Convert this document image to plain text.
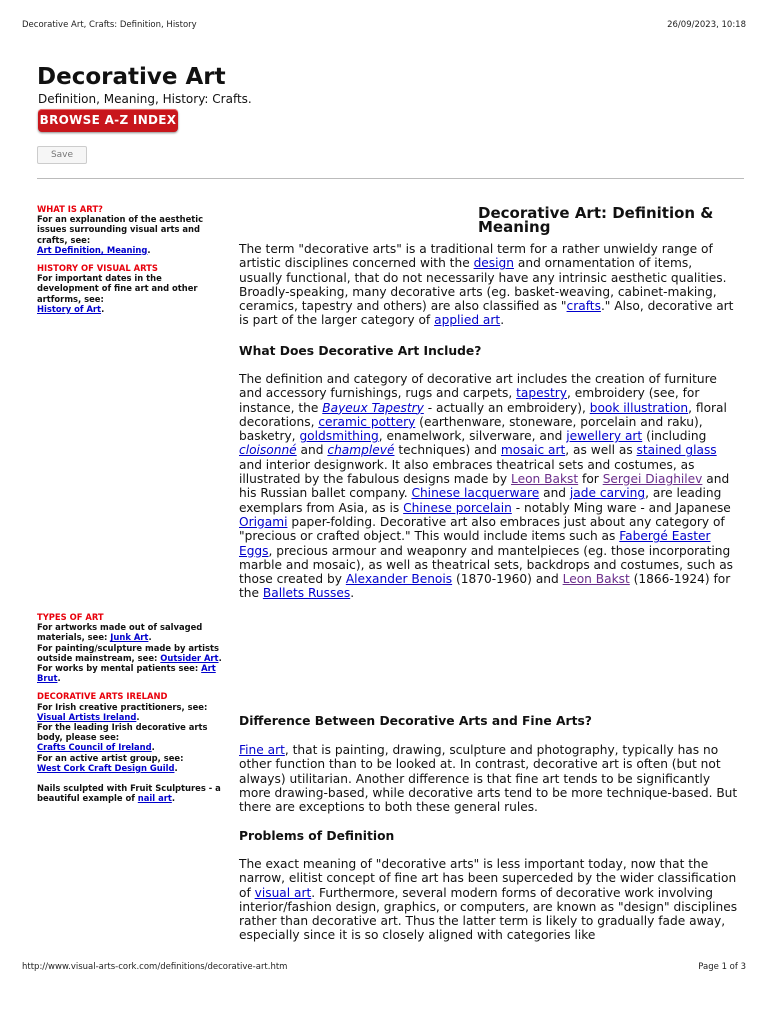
Decorative Art, Crafts: Definition, History	26/09/2023, 10:18
Decorative Art

Definition, Meaning, History: Crafts.

BROWSE A-Z INDEX
Save

WHAT IS ART?
For an explanation of the aesthetic issues surrounding visual arts and crafts, see:
Art Definition, Meaning.

HISTORY OF VISUAL ARTS
For important dates in the development of fine art and other artforms, see:
History of Art.

TYPES OF ART
For artworks made out of salvaged materials, see: Junk Art.
For painting/sculpture made by artists outside mainstream, see: Outsider Art.
For works by mental patients see: Art Brut.

DECORATIVE ARTS IRELAND
For Irish creative practitioners, see: Visual Artists Ireland.
For the leading Irish decorative arts body, please see:
Crafts Council of Ireland.
For an active artist group, see:
West Cork Craft Design Guild.

Nails sculpted with Fruit Sculptures - a beautiful example of nail art.

Decorative Art: Definition & Meaning

The term "decorative arts" is a traditional term for a rather unwieldy range of artistic disciplines concerned with the design and ornamentation of items, usually functional, that do not necessarily have any intrinsic aesthetic qualities. Broadly-speaking, many decorative arts (eg. basket-weaving, cabinet-making, ceramics, tapestry and others) are also classified as "crafts." Also, decorative art is part of the larger category of applied art.

What Does Decorative Art Include?

The definition and category of decorative art includes the creation of furniture and accessory furnishings, rugs and carpets, tapestry, embroidery (see, for instance, the Bayeux Tapestry - actually an embroidery), book illustration, floral decorations, ceramic pottery (earthenware, stoneware, porcelain and raku), basketry, goldsmithing, enamelwork, silverware, and jewellery art (including cloisonné and champlevé techniques) and mosaic art, as well as stained glass and interior designwork. It also embraces theatrical sets and costumes, as illustrated by the fabulous designs made by Leon Bakst for Sergei Diaghilev and his Russian ballet company. Chinese lacquerware and jade carving, are leading exemplars from Asia, as is Chinese porcelain - notably Ming ware - and Japanese Origami paper-folding. Decorative art also embraces just about any category of "precious or crafted object." This would include items such as Fabergé Easter Eggs, precious armour and weaponry and mantelpieces (eg. those incorporating marble and mosaic), as well as theatrical sets, backdrops and costumes, such as those created by Alexander Benois (1870-1960) and Leon Bakst (1866-1924) for the Ballets Russes.

Difference Between Decorative Arts and Fine Arts?

Fine art, that is painting, drawing, sculpture and photography, typically has no other function than to be looked at. In contrast, decorative art is often (but not always) utilitarian. Another difference is that fine art tends to be significantly more drawing-based, while decorative arts tend to be more technique-based. But there are exceptions to both these general rules.

Problems of Definition

The exact meaning of "decorative arts" is less important today, now that the narrow, elitist concept of fine art has been superceded by the wider classification of visual art. Furthermore, several modern forms of decorative work involving interior/fashion design, graphics, or computers, are known as "design" disciplines rather than decorative art. Thus the latter term is likely to gradually fade away, especially since it is so closely aligned with categories like

http://www.visual-arts-cork.com/definitions/decorative-art.htm	Page 1 of 3
